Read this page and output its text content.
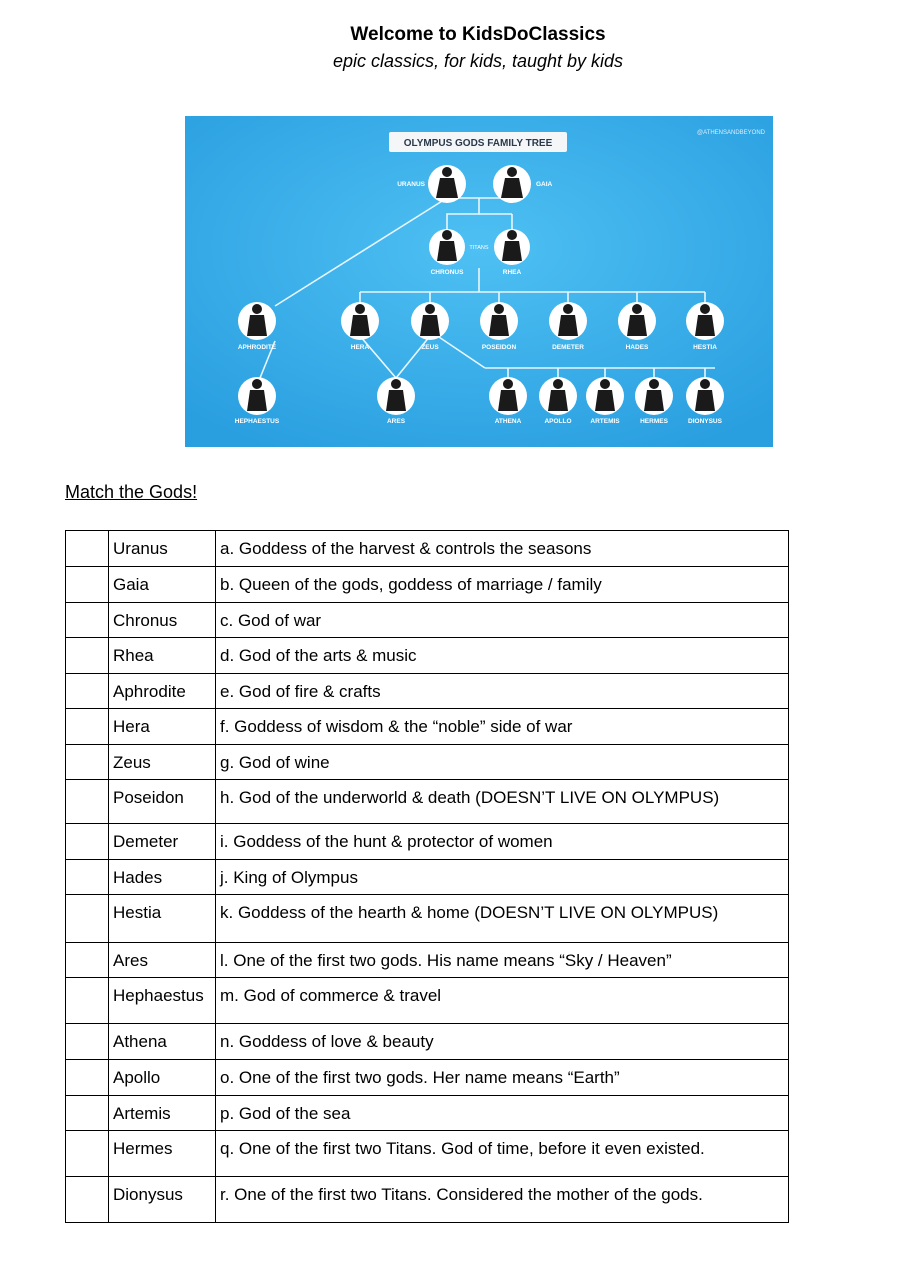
Welcome to KidsDoClassics
epic classics, for kids, taught by kids
OLYMPUS GODS FAMILY TREE
@ATHENSANDBEYOND
TITANS
URANUS	GAIA
CHRONUS	RHEA
APHRODITE	HERA	ZEUS	POSEIDON	DEMETER	HADES	HESTIA
HEPHAESTUS	ARES	ATHENA	APOLLO	ARTEMIS	HERMES	DIONYSUS
Match the Gods!

	Uranus	a. Goddess of the harvest & controls the seasons

	Gaia	b. Queen of the gods, goddess of marriage / family

	Chronus	c. God of war

	Rhea	d. God of the arts & music

	Aphrodite	e. God of fire & crafts

	Hera	f. Goddess of wisdom & the “noble” side of war

	Zeus	g. God of wine

	Poseidon	h. God of the underworld & death (DOESN’T LIVE ON OLYMPUS)

	Demeter	i. Goddess of the hunt & protector of women

	Hades	j. King of Olympus

	Hestia	k. Goddess of the hearth & home (DOESN’T LIVE ON OLYMPUS)

	Ares	l. One of the first two gods. His name means “Sky / Heaven”

	Hephaestus	m. God of commerce & travel

	Athena	n. Goddess of love & beauty

	Apollo	o. One of the first two gods. Her name means “Earth”

	Artemis	p. God of the sea

	Hermes	q. One of the first two Titans. God of time, before it even existed.

	Dionysus	r. One of the first two Titans. Considered the mother of the gods.
